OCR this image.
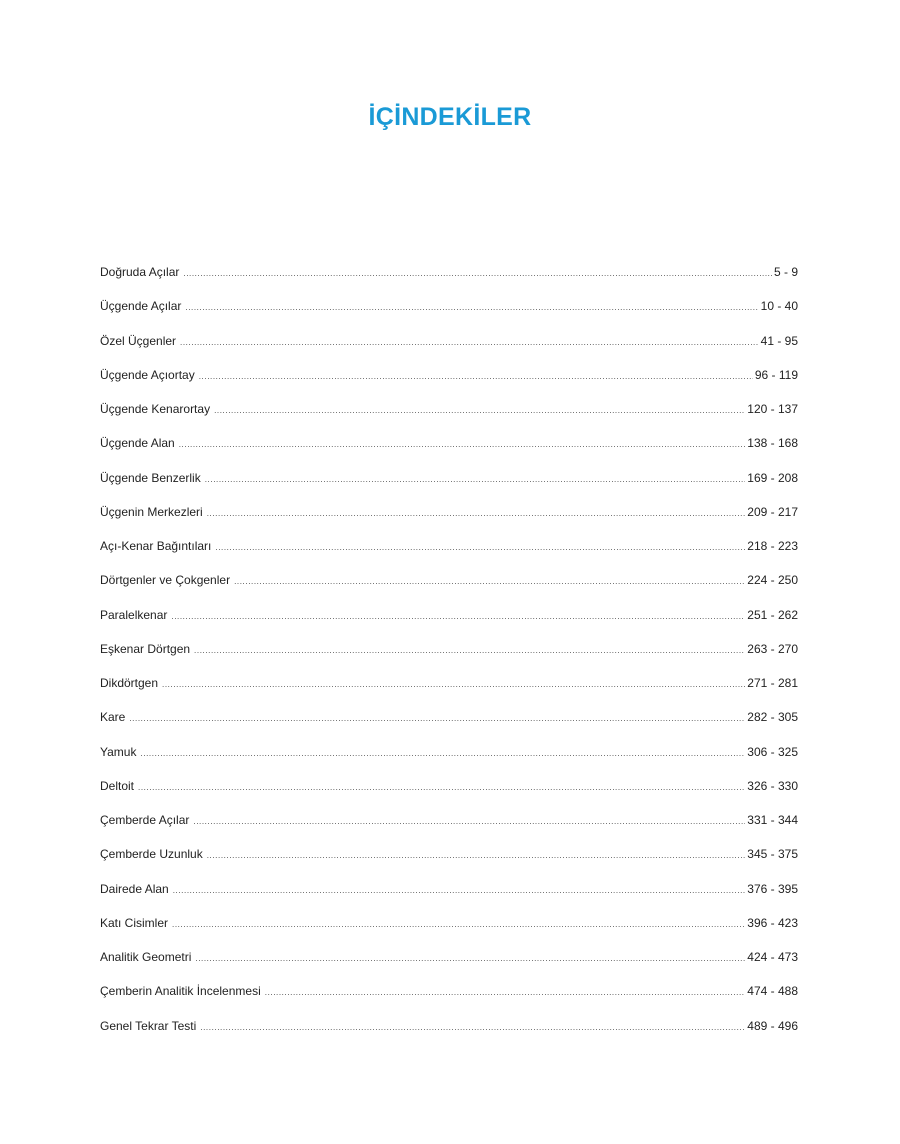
İÇİNDEKİLER
Doğruda Açılar .....	5 - 9
Üçgende Açılar .....	10 - 40
Özel Üçgenler .....	41 - 95
Üçgende Açıortay .....	96 - 119
Üçgende Kenarortay .....	120 - 137
Üçgende Alan .....	138 - 168
Üçgende Benzerlik .....	169 - 208
Üçgenin Merkezleri .....	209 - 217
Açı-Kenar Bağıntıları .....	218 - 223
Dörtgenler ve Çokgenler .....	224 - 250
Paralelkenar .....	251 - 262
Eşkenar Dörtgen .....	263 - 270
Dikdörtgen .....	271 - 281
Kare .....	282 - 305
Yamuk .....	306 - 325
Deltoit .....	326 - 330
Çemberde Açılar .....	331 - 344
Çemberde Uzunluk .....	345 - 375
Dairede Alan .....	376 - 395
Katı Cisimler .....	396 - 423
Analitik Geometri .....	424 - 473
Çemberin Analitik İncelenmesi .....	474 - 488
Genel Tekrar Testi .....	489 - 496
